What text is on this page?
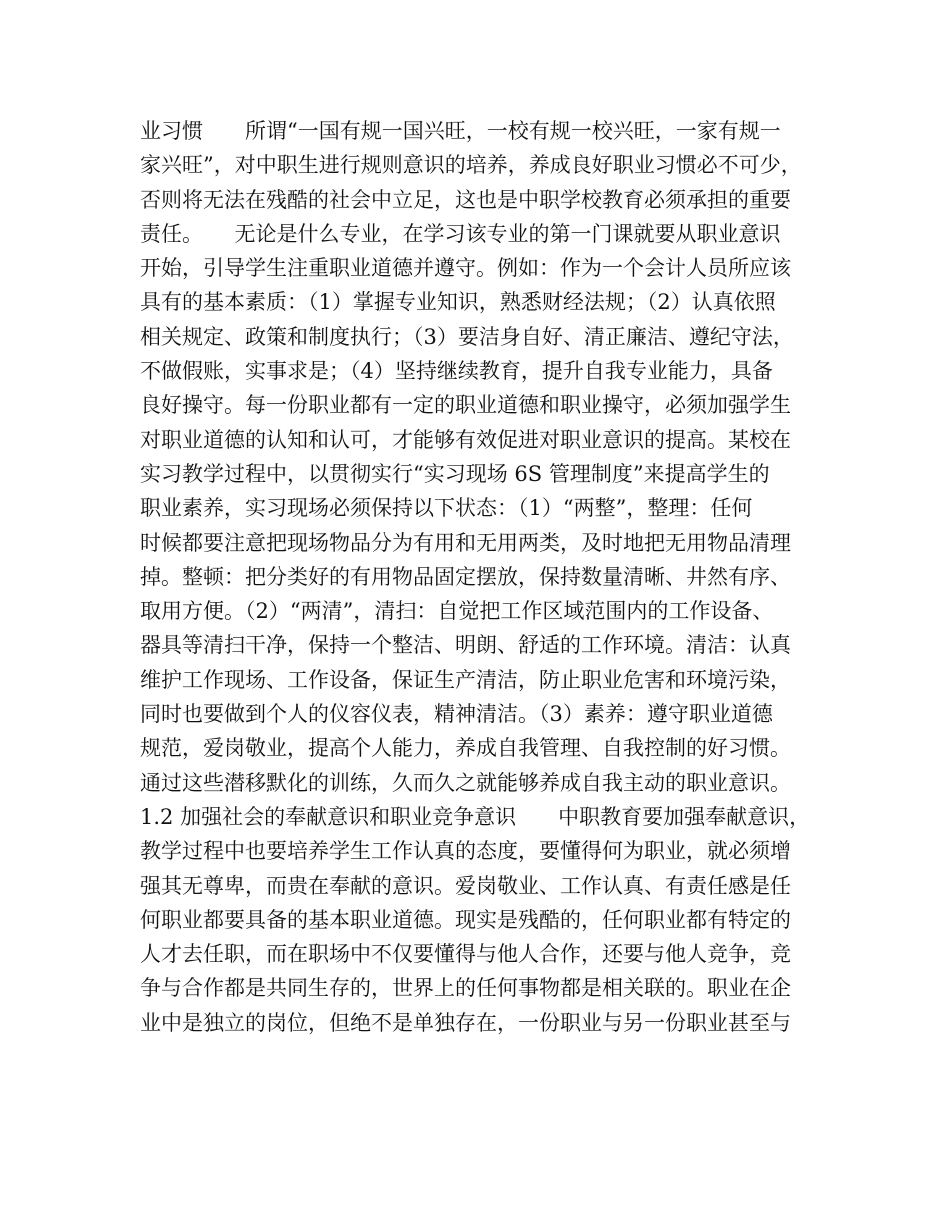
业习惯　　所谓“一国有规一国兴旺，一校有规一校兴旺，一家有规一
家兴旺”，对中职生进行规则意识的培养，养成良好职业习惯必不可少，
否则将无法在残酷的社会中立足，这也是中职学校教育必须承担的重要
责任。　　无论是什么专业，在学习该专业的第一门课就要从职业意识
开始，引导学生注重职业道德并遵守。例如：作为一个会计人员所应该
具有的基本素质：（1）掌握专业知识，熟悉财经法规；（2）认真依照
相关规定、政策和制度执行；（3）要洁身自好、清正廉洁、遵纪守法，
不做假账，实事求是；（4）坚持继续教育，提升自我专业能力，具备
良好操守。每一份职业都有一定的职业道德和职业操守，必须加强学生
对职业道德的认知和认可，才能够有效促进对职业意识的提高。某校在
实习教学过程中，以贯彻实行“实习现场 6S 管理制度”来提高学生的
职业素养，实习现场必须保持以下状态：（1）“两整”，整理：任何
时候都要注意把现场物品分为有用和无用两类，及时地把无用物品清理
掉。整顿：把分类好的有用物品固定摆放，保持数量清晰、井然有序、
取用方便。（2）“两清”，清扫：自觉把工作区域范围内的工作设备、
器具等清扫干净，保持一个整洁、明朗、舒适的工作环境。清洁：认真
维护工作现场、工作设备，保证生产清洁，防止职业危害和环境污染，
同时也要做到个人的仪容仪表，精神清洁。（3）素养：遵守职业道德
规范，爱岗敬业，提高个人能力，养成自我管理、自我控制的好习惯。
通过这些潜移默化的训练，久而久之就能够养成自我主动的职业意识。
1.2 加强社会的奉献意识和职业竞争意识　　中职教育要加强奉献意识，
教学过程中也要培养学生工作认真的态度，要懂得何为职业，就必须增
强其无尊卑，而贵在奉献的意识。爱岗敬业、工作认真、有责任感是任
何职业都要具备的基本职业道德。现实是残酷的，任何职业都有特定的
人才去任职，而在职场中不仅要懂得与他人合作，还要与他人竞争，竞
争与合作都是共同生存的，世界上的任何事物都是相关联的。职业在企
业中是独立的岗位，但绝不是单独存在，一份职业与另一份职业甚至与
